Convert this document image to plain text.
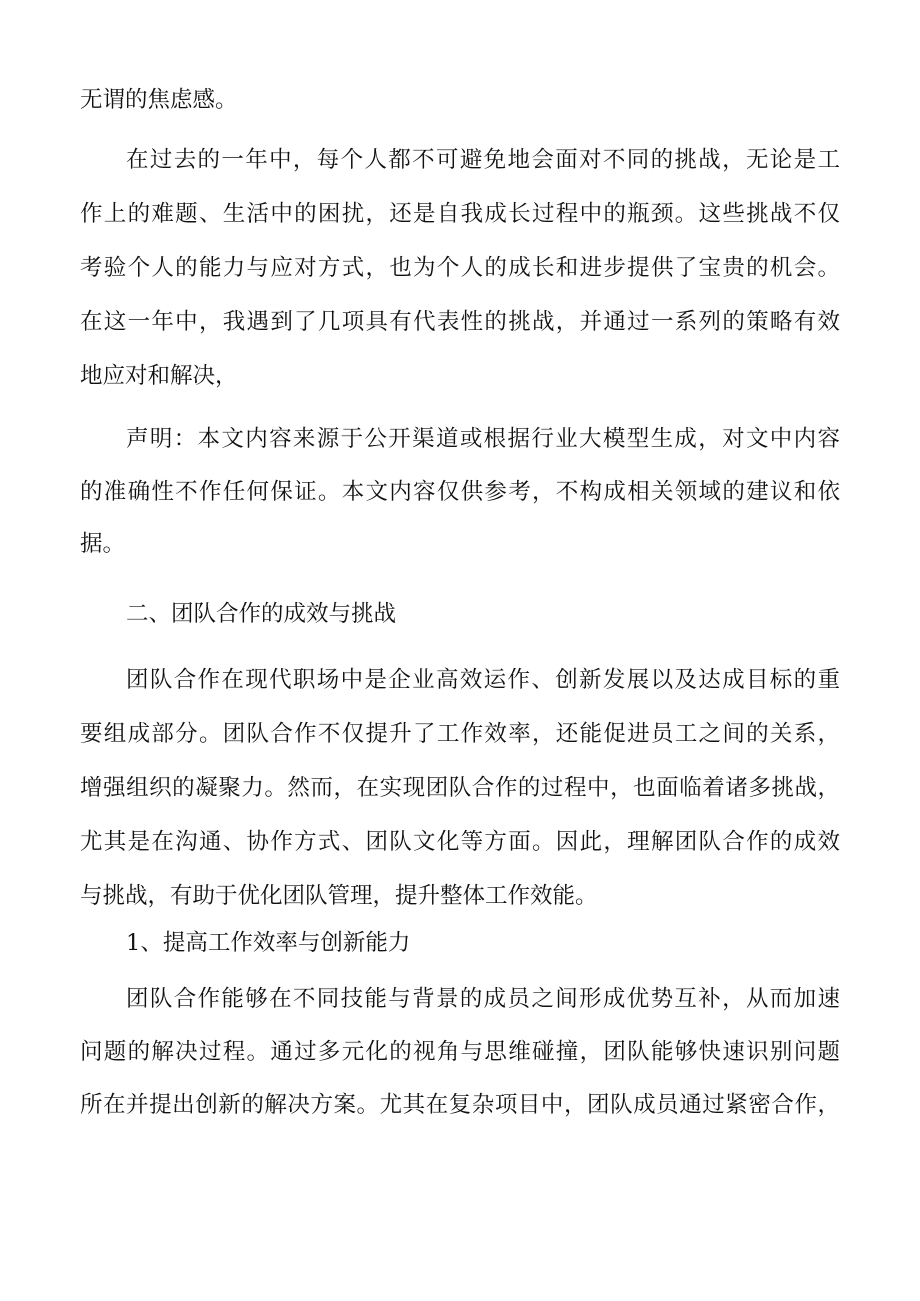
无谓的焦虑感。
在过去的一年中，每个人都不可避免地会面对不同的挑战，无论是工
作上的难题、生活中的困扰，还是自我成长过程中的瓶颈。这些挑战不仅
考验个人的能力与应对方式，也为个人的成长和进步提供了宝贵的机会。
在这一年中，我遇到了几项具有代表性的挑战，并通过一系列的策略有效
地应对和解决，
声明：本文内容来源于公开渠道或根据行业大模型生成，对文中内容
的准确性不作任何保证。本文内容仅供参考，不构成相关领域的建议和依
据。
二、团队合作的成效与挑战
团队合作在现代职场中是企业高效运作、创新发展以及达成目标的重
要组成部分。团队合作不仅提升了工作效率，还能促进员工之间的关系，
增强组织的凝聚力。然而，在实现团队合作的过程中，也面临着诸多挑战，
尤其是在沟通、协作方式、团队文化等方面。因此，理解团队合作的成效
与挑战，有助于优化团队管理，提升整体工作效能。
1、提高工作效率与创新能力
团队合作能够在不同技能与背景的成员之间形成优势互补，从而加速
问题的解决过程。通过多元化的视角与思维碰撞，团队能够快速识别问题
所在并提出创新的解决方案。尤其在复杂项目中，团队成员通过紧密合作，
